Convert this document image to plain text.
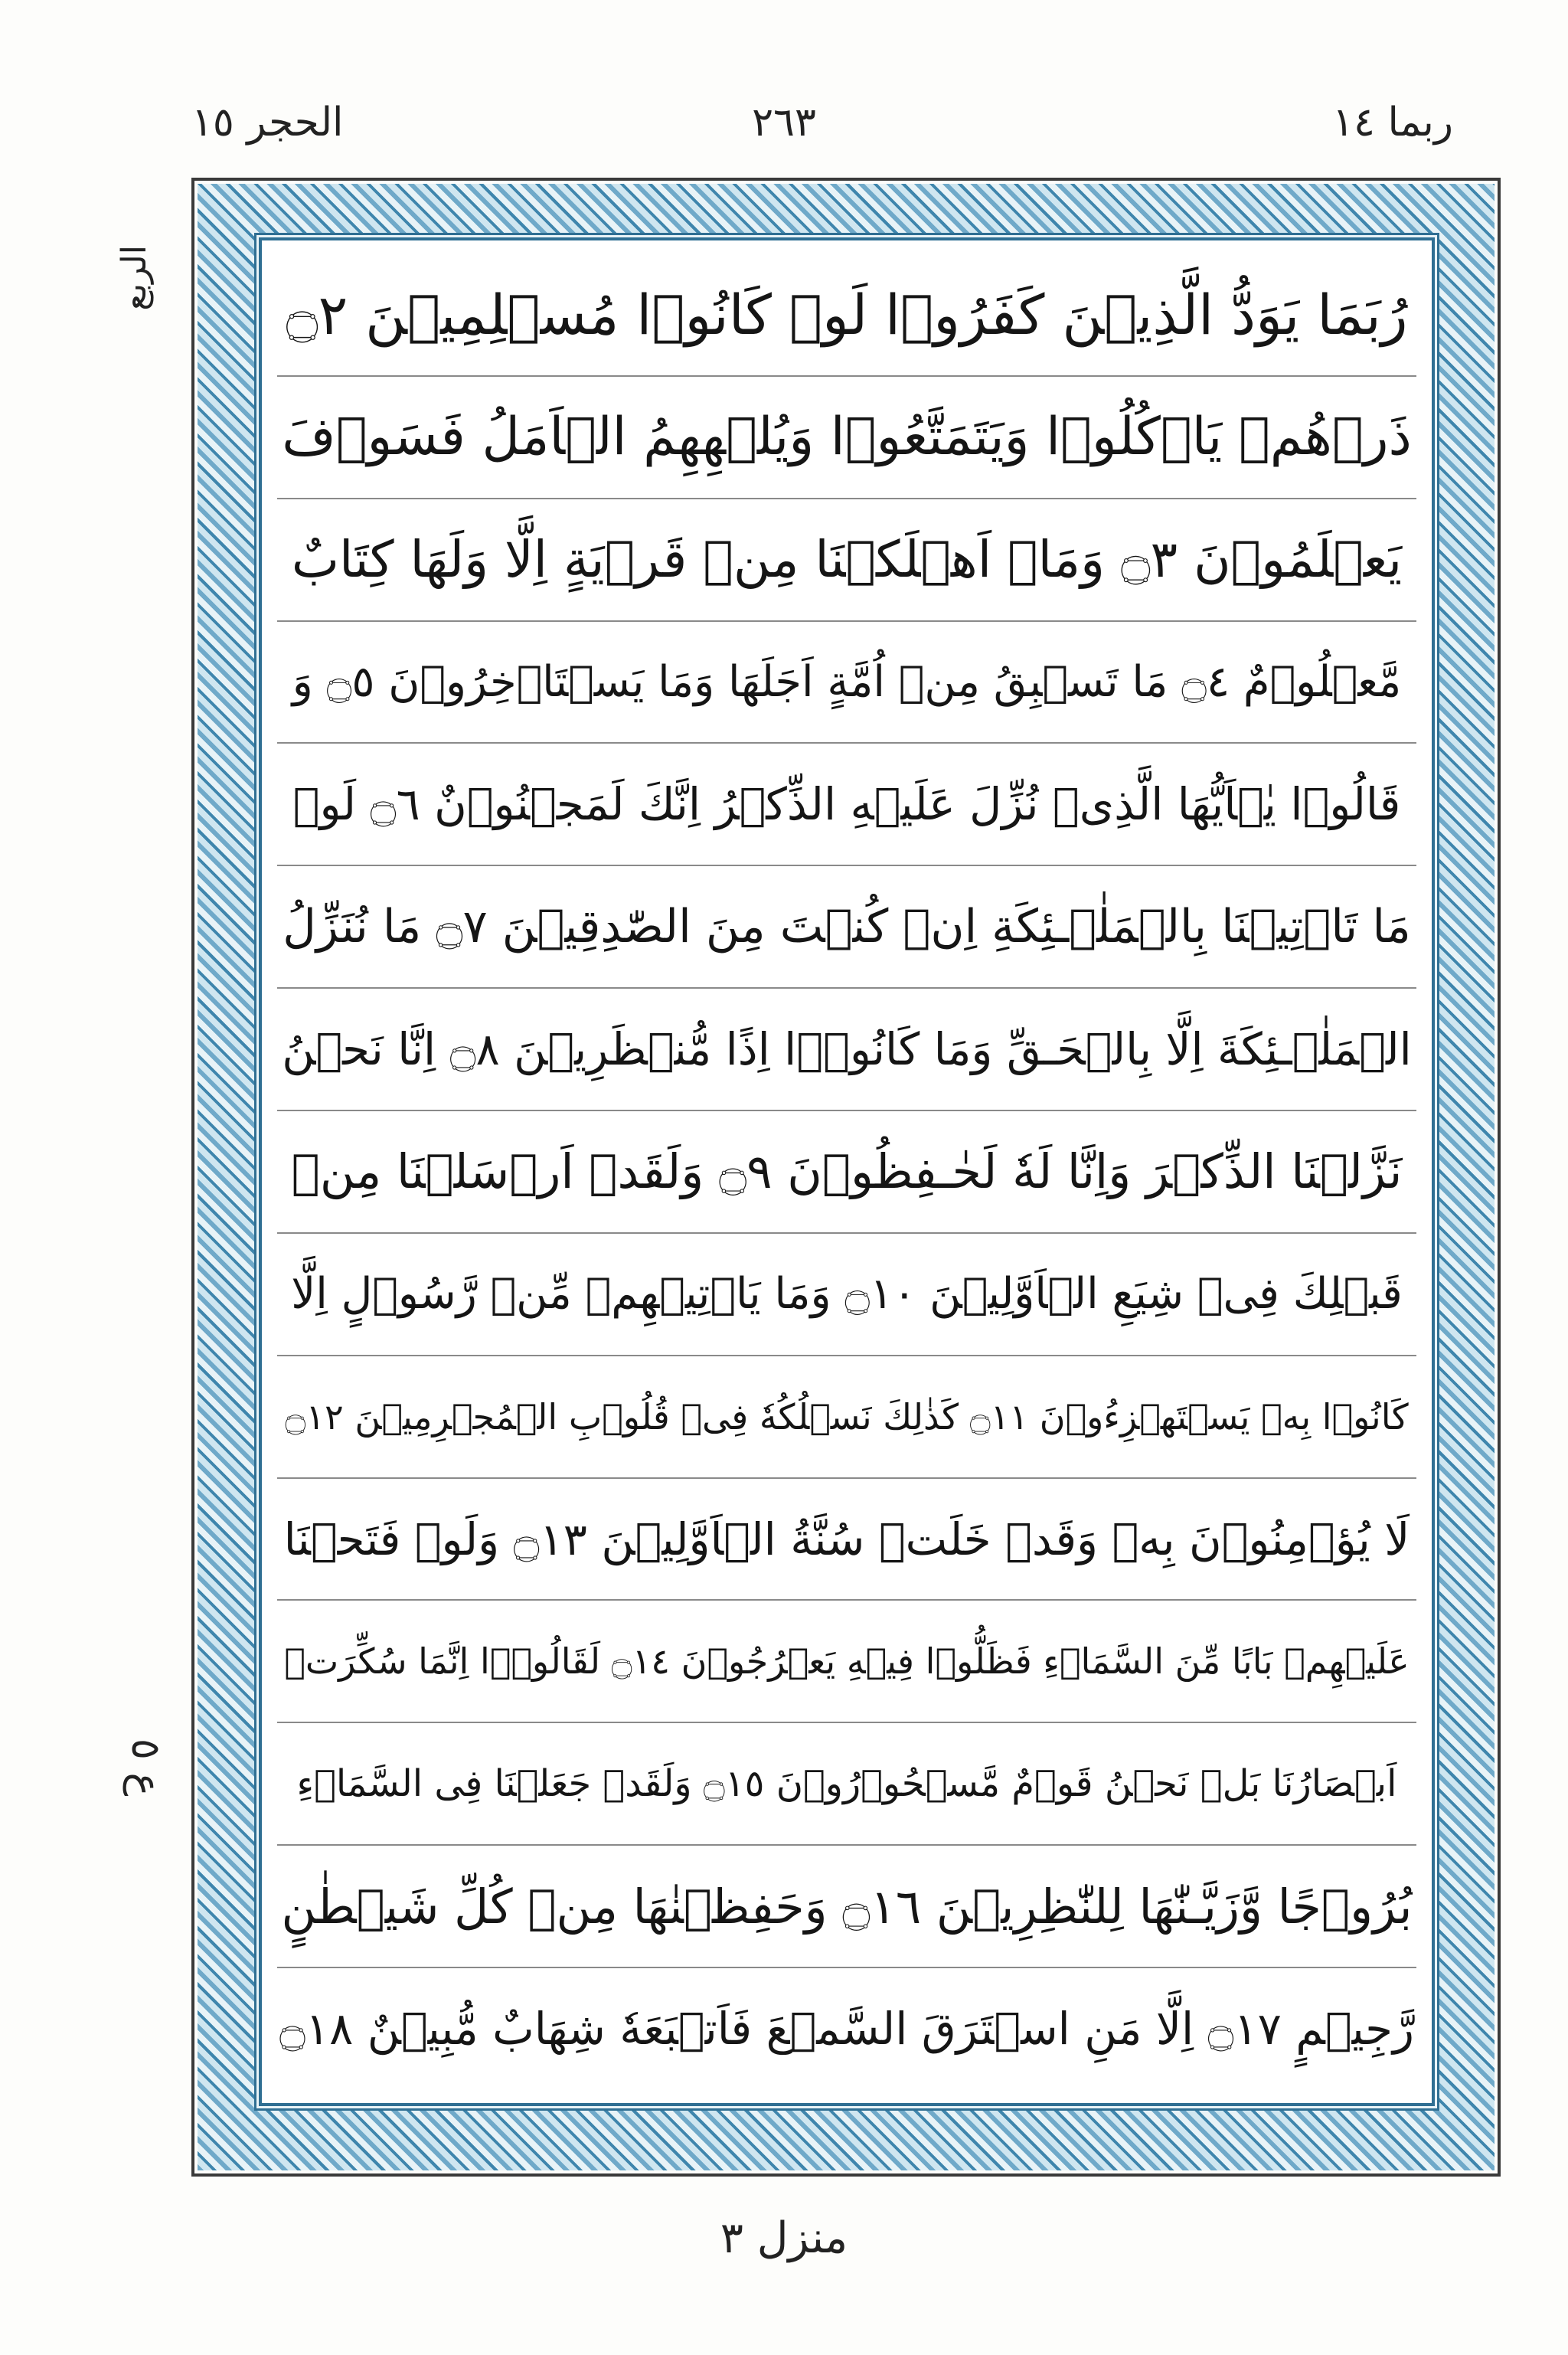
ربما ١٤
٢٦٣
الحجر ١٥
الربع
ع ٥
رُبَمَا يَوَدُّ الَّذِيۡنَ كَفَرُوۡا لَوۡ كَانُوۡا مُسۡلِمِيۡنَ ۝٢
ذَرۡهُمۡ يَاۡكُلُوۡا وَيَتَمَتَّعُوۡا وَيُلۡهِهِمُ الۡاَمَلُ فَسَوۡفَ
يَعۡلَمُوۡنَ ۝٣ وَمَاۤ اَهۡلَكۡنَا مِنۡ قَرۡيَةٍ اِلَّا وَلَهَا كِتَابٌ
مَّعۡلُوۡمٌ ۝٤ مَا تَسۡبِقُ مِنۡ اُمَّةٍ اَجَلَهَا وَمَا يَسۡتَاۡخِرُوۡنَ ۝٥ وَ
قَالُوۡا يٰۤاَيُّهَا الَّذِىۡ نُزِّلَ عَلَيۡهِ الذِّكۡرُ اِنَّكَ لَمَجۡنُوۡنٌ ۝٦ لَوۡ
مَا تَاۡتِيۡنَا بِالۡمَلٰۤـئِكَةِ اِنۡ كُنۡتَ مِنَ الصّٰدِقِيۡنَ ۝٧ مَا نُنَزِّلُ
الۡمَلٰۤـئِكَةَ اِلَّا بِالۡحَـقِّ وَمَا كَانُوۡۤا اِذًا مُّنۡظَرِيۡنَ ۝٨ اِنَّا نَحۡنُ
نَزَّلۡنَا الذِّكۡرَ وَاِنَّا لَهٗ لَحٰـفِظُوۡنَ ۝٩ وَلَقَدۡ اَرۡسَلۡنَا مِنۡ
قَبۡلِكَ فِىۡ شِيَعِ الۡاَوَّلِيۡنَ ۝١٠ وَمَا يَاۡتِيۡهِمۡ مِّنۡ رَّسُوۡلٍ اِلَّا
كَانُوۡا بِهٖ يَسۡتَهۡزِءُوۡنَ ۝١١ كَذٰلِكَ نَسۡلُكُهٗ فِىۡ قُلُوۡبِ الۡمُجۡرِمِيۡنَ ۝١٢
لَا يُؤۡمِنُوۡنَ بِهٖ وَقَدۡ خَلَتۡ سُنَّةُ الۡاَوَّلِيۡنَ ۝١٣ وَلَوۡ فَتَحۡنَا
عَلَيۡهِمۡ بَابًا مِّنَ السَّمَاۤءِ فَظَلُّوۡا فِيۡهِ يَعۡرُجُوۡنَ ۝١٤ لَقَالُوۡۤا اِنَّمَا سُكِّرَتۡ
اَبۡصَارُنَا بَلۡ نَحۡنُ قَوۡمٌ مَّسۡحُوۡرُوۡنَ ۝١٥ وَلَقَدۡ جَعَلۡنَا فِى السَّمَاۤءِ
بُرُوۡجًا وَّزَيَّـنّٰهَا لِلنّٰظِرِيۡنَ ۝١٦ وَحَفِظۡنٰهَا مِنۡ كُلِّ شَيۡطٰنٍ
رَّجِيۡمٍ ۝١٧ اِلَّا مَنِ اسۡتَرَقَ السَّمۡعَ فَاَتۡبَعَهٗ شِهَابٌ مُّبِيۡنٌ ۝١٨
منزل ٣
